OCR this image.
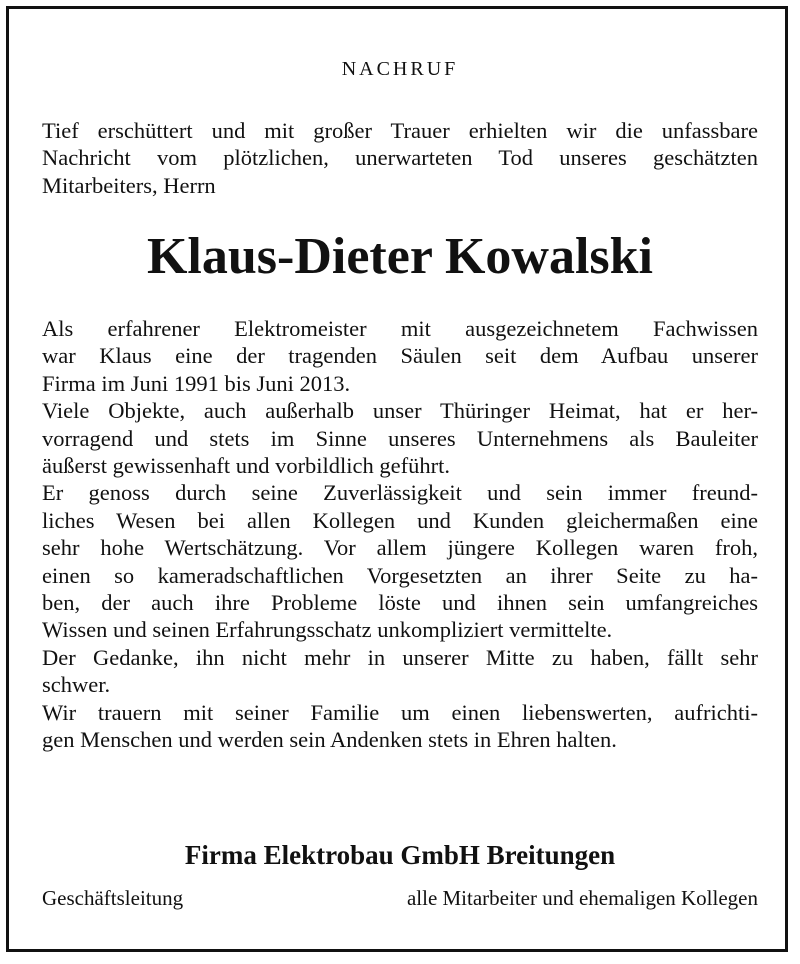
NACHRUF
Tief erschüttert und mit großer Trauer erhielten wir die unfassbare
Nachricht vom plötzlichen, unerwarteten Tod unseres geschätzten
Mitarbeiters, Herrn
Klaus-Dieter Kowalski
Als erfahrener Elektromeister mit ausgezeichnetem Fachwissen
war Klaus eine der tragenden Säulen seit dem Aufbau unserer
Firma im Juni 1991 bis Juni 2013.
Viele Objekte, auch außerhalb unser Thüringer Heimat, hat er her-
vorragend und stets im Sinne unseres Unternehmens als Bauleiter
äußerst gewissenhaft und vorbildlich geführt.
Er genoss durch seine Zuverlässigkeit und sein immer freund-
liches Wesen bei allen Kollegen und Kunden gleichermaßen eine
sehr hohe Wertschätzung. Vor allem jüngere Kollegen waren froh,
einen so kameradschaftlichen Vorgesetzten an ihrer Seite zu ha-
ben, der auch ihre Probleme löste und ihnen sein umfangreiches
Wissen und seinen Erfahrungsschatz unkompliziert vermittelte.
Der Gedanke, ihn nicht mehr in unserer Mitte zu haben, fällt sehr
schwer.
Wir trauern mit seiner Familie um einen liebenswerten, aufrichti-
gen Menschen und werden sein Andenken stets in Ehren halten.
Firma Elektrobau GmbH Breitungen
Geschäftsleitung	alle Mitarbeiter und ehemaligen Kollegen
